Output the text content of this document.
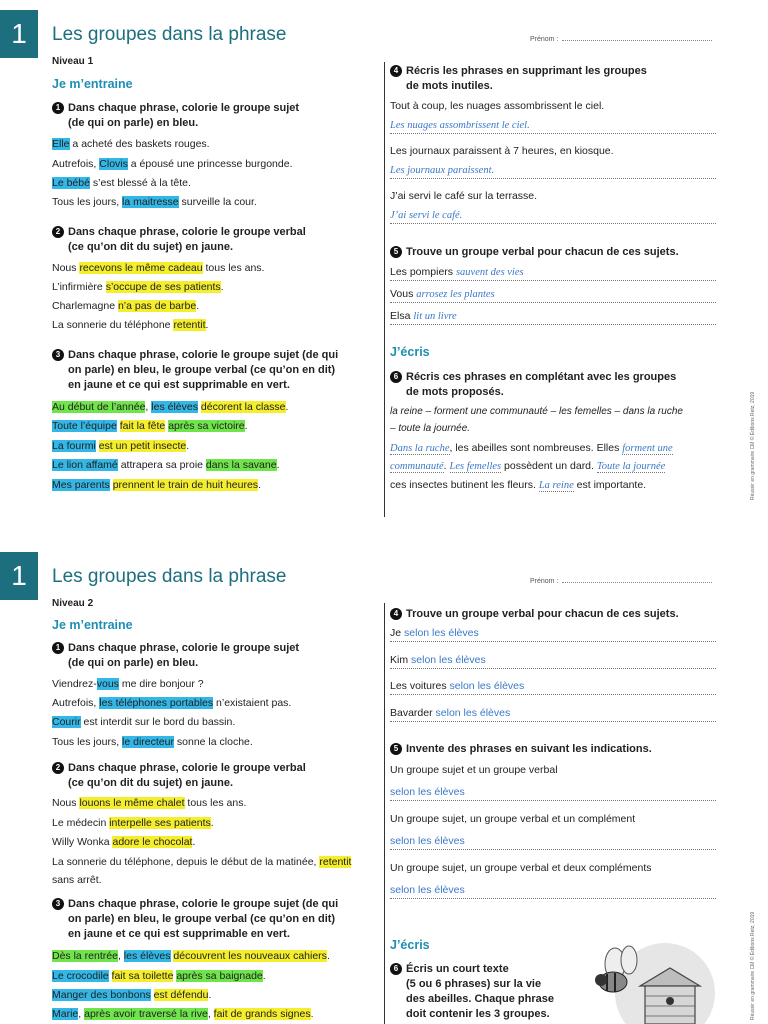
1	Les groupes dans la phrase	Prénom :
Niveau 1
Je m’entraine
1 Dans chaque phrase, colorie le groupe sujet
(de qui on parle) en bleu.
Elle a acheté des baskets rouges.
Autrefois, Clovis a épousé une princesse burgonde.
Le bébé s’est blessé à la tête.
Tous les jours, la maitresse surveille la cour.
2 Dans chaque phrase, colorie le groupe verbal
(ce qu’on dit du sujet) en jaune.
Nous recevons le même cadeau tous les ans.
L’infirmière s’occupe de ses patients.
Charlemagne n’a pas de barbe.
La sonnerie du téléphone retentit.
3 Dans chaque phrase, colorie le groupe sujet (de qui
on parle) en bleu, le groupe verbal (ce qu’on en dit)
en jaune et ce qui est supprimable en vert.
Au début de l’année, les élèves décorent la classe.
Toute l’équipe fait la fête après sa victoire.
La fourmi est un petit insecte.
Le lion affamé attrapera sa proie dans la savane.
Mes parents prennent le train de huit heures.
4 Récris les phrases en supprimant les groupes
de mots inutiles.
Tout à coup, les nuages assombrissent le ciel.
Les nuages assombrissent le ciel.
Les journaux paraissent à 7 heures, en kiosque.
Les journaux paraissent.
J’ai servi le café sur la terrasse.
J’ai servi le café.
5 Trouve un groupe verbal pour chacun de ces sujets.
Les pompiers sauvent des vies
Vous arrosez les plantes
Elsa lit un livre
J’écris
6 Récris ces phrases en complétant avec les groupes
de mots proposés.
la reine – forment une communauté – les femelles – dans la ruche
– toute la journée.
Dans la ruche, les abeilles sont nombreuses. Elles forment une
communauté. Les femelles possèdent un dard. Toute la journée
ces insectes butinent les fleurs. La reine est importante.	Réussir en grammaire CM © Éditions Retz, 2019
1	Les groupes dans la phrase	Prénom :
Niveau 2
Je m’entraine
1 Dans chaque phrase, colorie le groupe sujet
(de qui on parle) en bleu.
Viendrez-vous me dire bonjour ?
Autrefois, les téléphones portables n’existaient pas.
Courir est interdit sur le bord du bassin.
Tous les jours, le directeur sonne la cloche.
2 Dans chaque phrase, colorie le groupe verbal
(ce qu’on dit du sujet) en jaune.
Nous louons le même chalet tous les ans.
Le médecin interpelle ses patients.
Willy Wonka adore le chocolat.
La sonnerie du téléphone, depuis le début de la matinée, retentit
sans arrêt.
3 Dans chaque phrase, colorie le groupe sujet (de qui
on parle) en bleu, le groupe verbal (ce qu’on en dit)
en jaune et ce qui est supprimable en vert.
Dès la rentrée, les élèves découvrent les nouveaux cahiers.
Le crocodile fait sa toilette après sa baignade.
Manger des bonbons est défendu.
Marie, après avoir traversé la rive, fait de grands signes.
4 Trouve un groupe verbal pour chacun de ces sujets.
Je selon les élèves
Kim selon les élèves
Les voitures selon les élèves
Bavarder selon les élèves
5 Invente des phrases en suivant les indications.
Un groupe sujet et un groupe verbal
selon les élèves
Un groupe sujet, un groupe verbal et un complément
selon les élèves
Un groupe sujet, un groupe verbal et deux compléments
selon les élèves
J’écris
6 Écris un court texte
(5 ou 6 phrases) sur la vie
des abeilles. Chaque phrase
doit contenir les 3 groupes.	Réussir en grammaire CM © Éditions Retz, 2019
